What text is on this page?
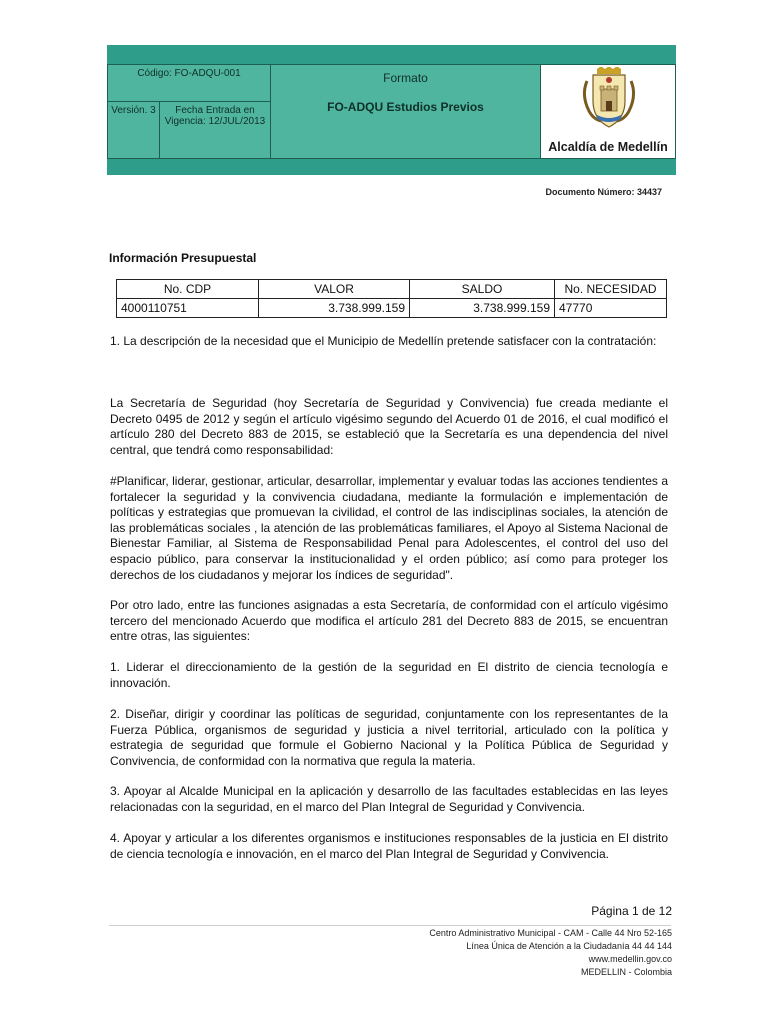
Código: FO-ADQU-001
Versión. 3	Fecha Entrada en Vigencia: 12/JUL/2013
Formato
FO-ADQU Estudios Previos
Alcaldía de Medellín
Documento Número: 34437
Información Presupuestal
No. CDP	VALOR	SALDO	No. NECESIDAD
4000110751	3.738.999.159	3.738.999.159	47770
1. La descripción de la necesidad que el Municipio de Medellín pretende satisfacer con la contratación:
La Secretaría de Seguridad (hoy Secretaría de Seguridad y Convivencia) fue creada mediante el Decreto 0495 de 2012 y según el artículo vigésimo segundo del Acuerdo 01 de 2016, el cual modificó el artículo 280 del Decreto 883 de 2015, se estableció que la Secretaría es una dependencia del nivel central, que tendrá como responsabilidad:
#Planificar, liderar, gestionar, articular, desarrollar, implementar y evaluar todas las acciones tendientes a fortalecer la seguridad y la convivencia ciudadana, mediante la formulación e implementación de políticas y estrategias que promuevan la civilidad, el control de las indisciplinas sociales, la atención de las problemáticas sociales , la atención de las problemáticas familiares, el Apoyo al Sistema Nacional de Bienestar Familiar, al Sistema de Responsabilidad Penal para Adolescentes, el control del uso del espacio público, para conservar la institucionalidad y el orden público; así como para proteger los derechos de los ciudadanos y mejorar los índices de seguridad".
Por otro lado, entre las funciones asignadas a esta Secretaría, de conformidad con el artículo vigésimo tercero del mencionado Acuerdo que modifica el artículo 281 del Decreto 883 de 2015, se encuentran entre otras, las siguientes:
1. Liderar el direccionamiento de la gestión de la seguridad en El distrito de ciencia tecnología e innovación.
2. Diseñar, dirigir y coordinar las políticas de seguridad, conjuntamente con los representantes de la Fuerza Pública, organismos de seguridad y justicia a nivel territorial, articulado con la política y estrategia de seguridad que formule el Gobierno Nacional y la Política Pública de Seguridad y Convivencia, de conformidad con la normativa que regula la materia.
3. Apoyar al Alcalde Municipal en la aplicación y desarrollo de las facultades establecidas en las leyes relacionadas con la seguridad, en el marco del Plan Integral de Seguridad y Convivencia.
4. Apoyar y articular a los diferentes organismos e instituciones responsables de la justicia en El distrito de ciencia tecnología e innovación, en el marco del Plan Integral de Seguridad y Convivencia.
Página 1 de 12
Centro Administrativo Municipal - CAM - Calle 44 Nro 52-165
Línea Única de Atención a la Ciudadanía 44 44 144
www.medellin.gov.co
MEDELLIN - Colombia
